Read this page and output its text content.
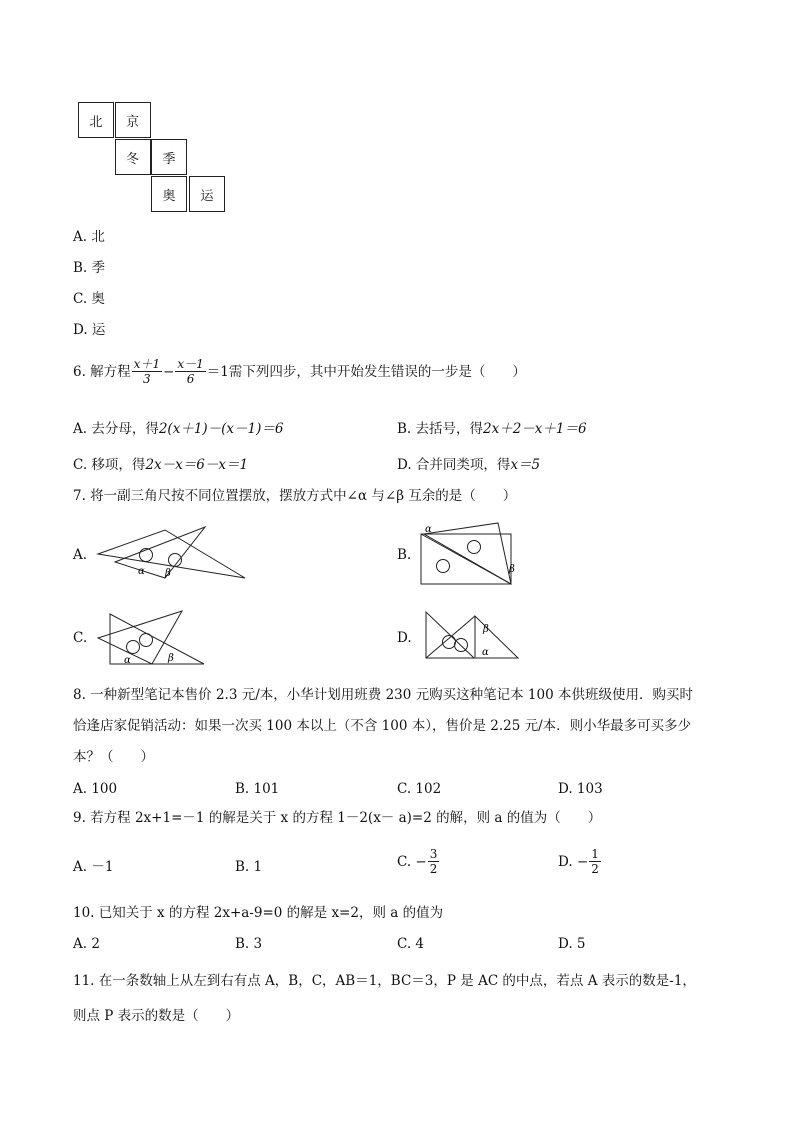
北	京
冬	季
奥	运
A. 北
B. 季
C. 奥
D. 运
6. 解方程 $\frac{x+1}{3} - \frac{x-1}{6} =1$需下列四步，其中开始发生错误的一步是（　　）
A. 去分母，得2(x＋1)－(x－1)＝6	B. 去括号，得2x＋2－x＋1＝6
C. 移项，得2x－x＝6－x＝1	D. 合并同类项，得x＝5
7. 将一副三角尺按不同位置摆放，摆放方式中∠α 与∠β 互余的是（　　）
A.
α β
B.
α
β
C.
α	β
D.
β
α
8. 一种新型笔记本售价 2.3 元/本，小华计划用班费 230 元购买这种笔记本 100 本供班级使用．购买时
恰逢店家促销活动：如果一次买 100 本以上（不含 100 本），售价是 2.25 元/本．则小华最多可买多少
本？（　　）
A. 100	B. 101	C. 102	D. 103
9. 若方程 2x+1=－1 的解是关于 x 的方程 1－2(x－ a)=2 的解，则 a 的值为（　　）
A. －1	B. 1	C. − $\frac{3}{2}$	D. − $\frac{1}{2}$
10. 已知关于 x 的方程 2x+a-9=0 的解是 x=2，则 a 的值为
A. 2	B. 3	C. 4	D. 5
11. 在一条数轴上从左到右有点 A，B，C，AB＝1，BC＝3，P 是 AC 的中点，若点 A 表示的数是-1，
则点 P 表示的数是（　　）
